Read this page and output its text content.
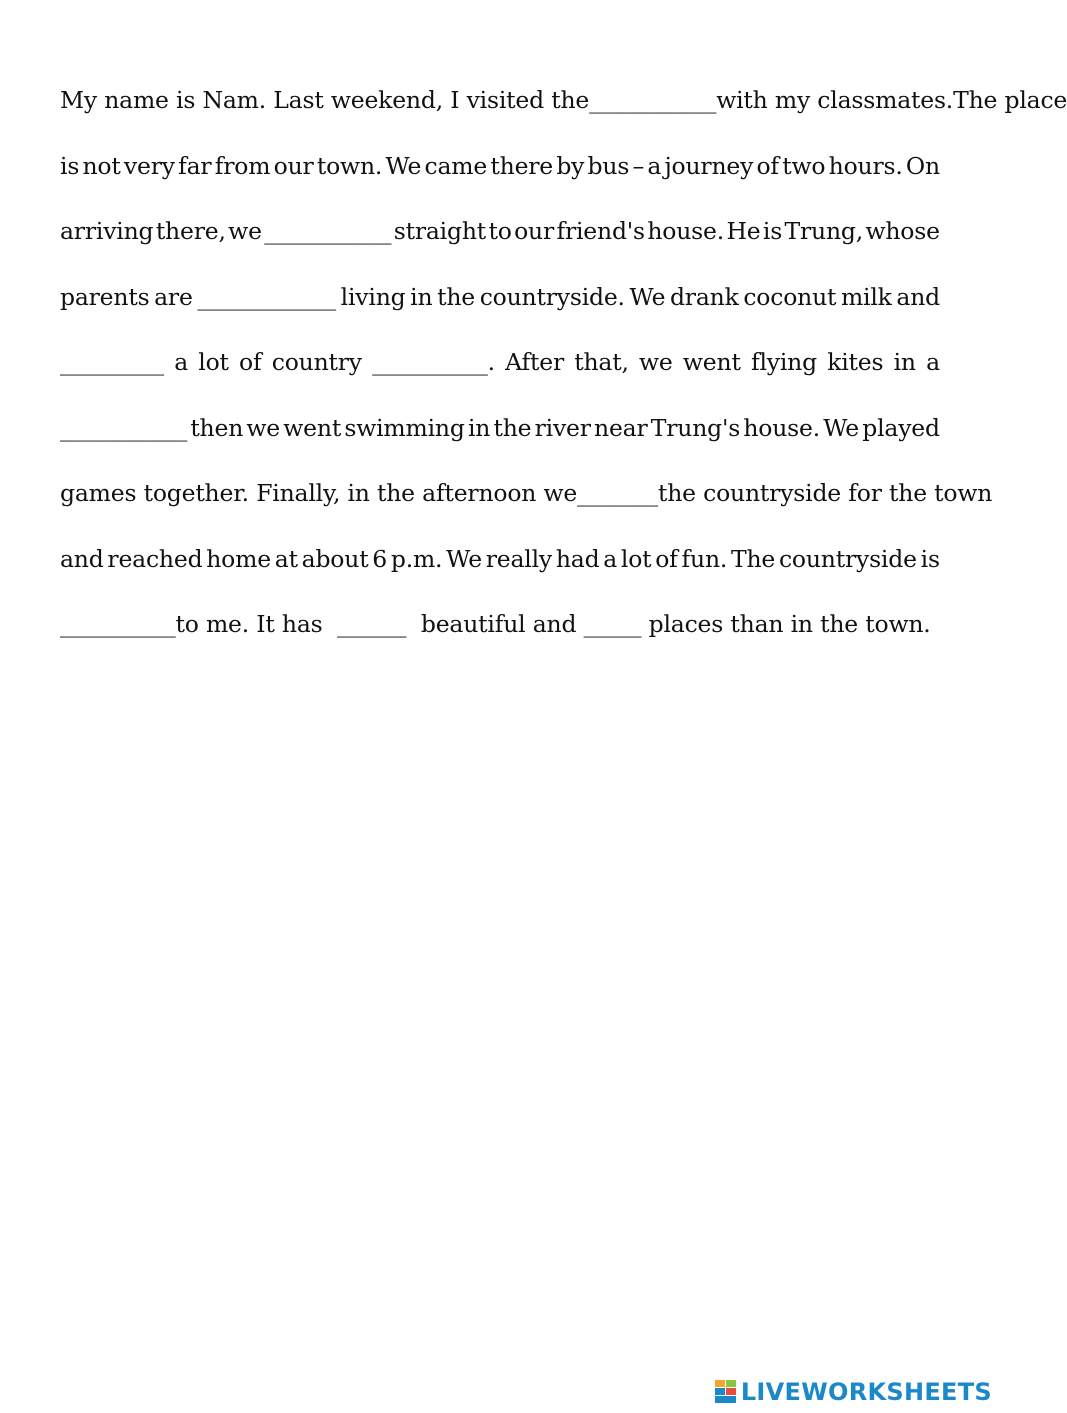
My name is Nam. Last weekend, I visited the ___________ with my classmates. The place
is not very far from our town. We came there by bus – a journey of two hours. On
arriving there, we ___________ straight to our friend's house. He is Trung, whose
parents are ____________ living in the countryside. We drank coconut milk and
_________ a lot of country __________. After that, we went flying kites in a
___________ then we went swimming in the river near Trung's house. We played
games together. Finally, in the afternoon we _______ the countryside for the town
and reached home at about 6 p.m. We really had a lot of fun. The countryside is
__________to me. It has  ______  beautiful and _____ places than in the town.
LIVEWORKSHEETS
